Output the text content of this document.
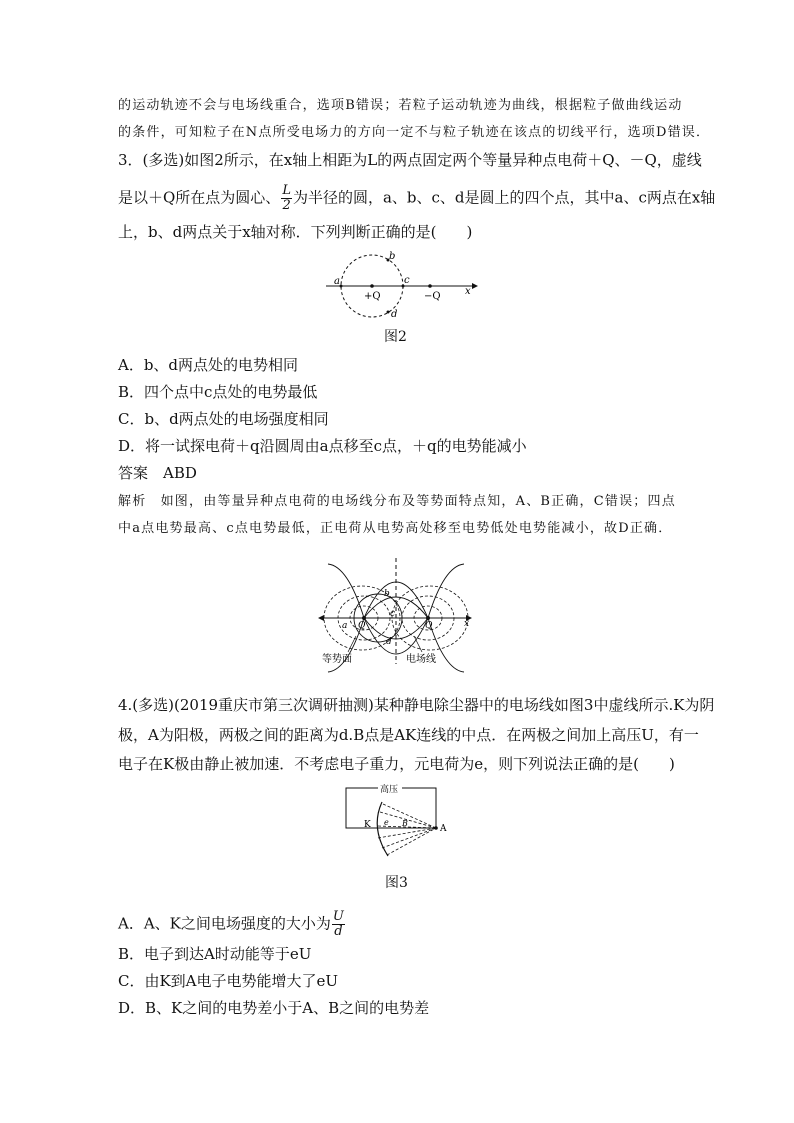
的运动轨迹不会与电场线重合，选项B错误；若粒子运动轨迹为曲线，根据粒子做曲线运动
的条件，可知粒子在N点所受电场力的方向一定不与粒子轨迹在该点的切线平行，选项D错误．
3．(多选)如图2所示，在x轴上相距为L的两点固定两个等量异种点电荷＋Q、－Q，虚线
是以＋Q所在点为圆心、 $\frac{L}{2}$ 为半径的圆，a、b、c、d是圆上的四个点，其中a、c两点在x轴
上，b、d两点关于x轴对称．下列判断正确的是(　　)
a
b
c
d
+Q	−Q x
图2
A．b、d两点处的电势相同
B．四个点中c点处的电势最低
C．b、d两点处的电场强度相同
D．将一试探电荷＋q沿圆周由a点移至c点，＋q的电势能减小
答案　ABD
解析　如图，由等量异种点电荷的电场线分布及等势面特点知，A、B正确，C错误；四点
中a点电势最高、c点电势最低，正电荷从电势高处移至电势低处电势能减小，故D正确．
Q	Q
a
b
c
d
x
等势面	电场线
4.(多选)(2019重庆市第三次调研抽测)某种静电除尘器中的电场线如图3中虚线所示.K为阴
极，A为阳极，两极之间的距离为d.B点是AK连线的中点．在两极之间加上高压U，有一
电子在K极由静止被加速．不考虑电子重力，元电荷为e，则下列说法正确的是(　　)
高压
K e B
A
图3
A．A、K之间电场强度的大小为 $\frac{U}{d}$
B．电子到达A时动能等于eU
C．由K到A电子电势能增大了eU
D．B、K之间的电势差小于A、B之间的电势差
